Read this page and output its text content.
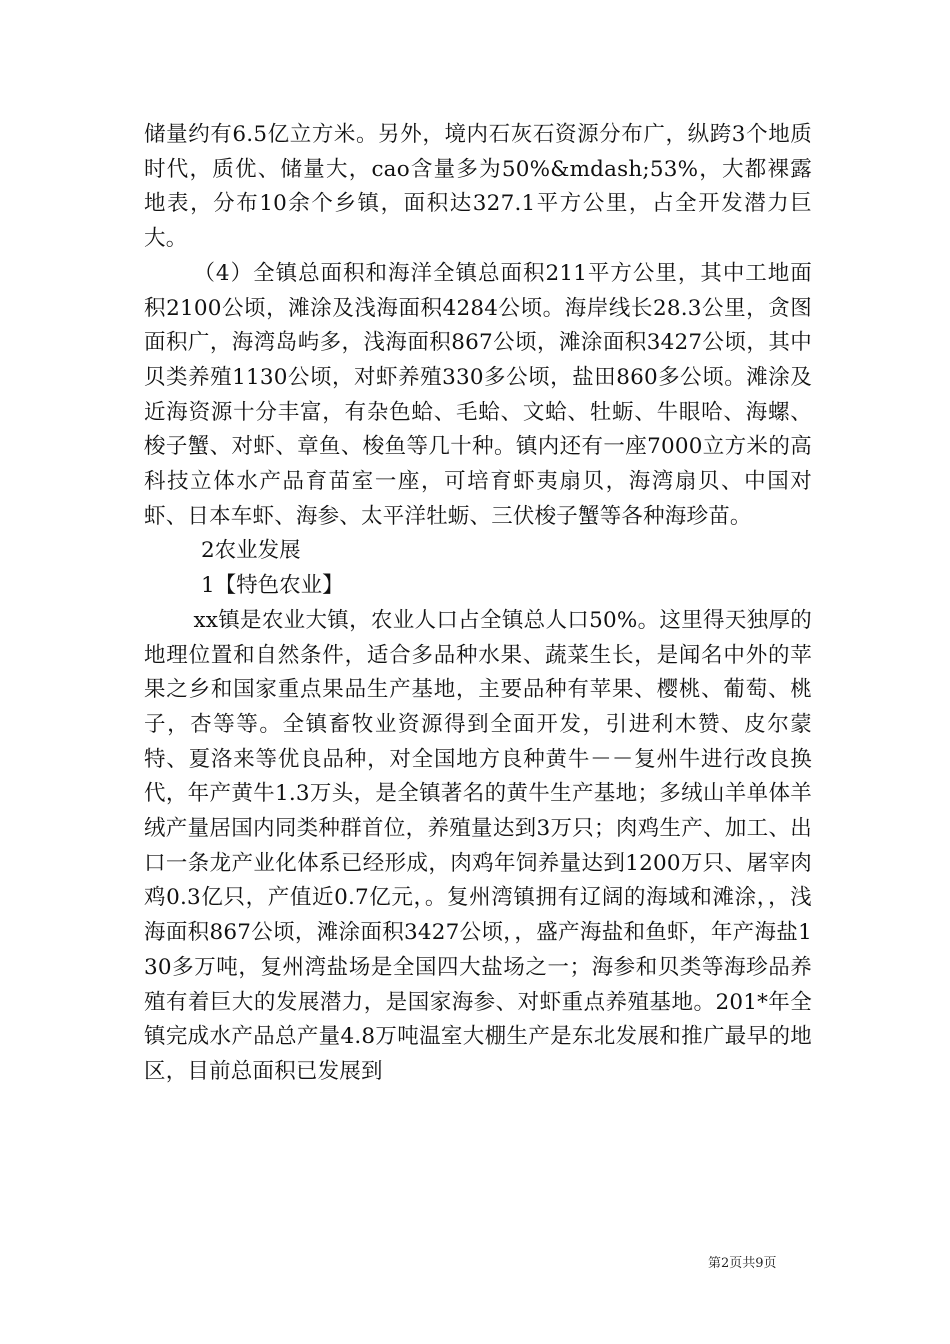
储量约有6.5亿立方米。另外，境内石灰石资源分布广，纵跨3个地质时代，质优、储量大，cao含量多为50%&mdash;53%，大都裸露地表，分布10余个乡镇，面积达327.1平方公里，占全开发潜力巨大。

（4）全镇总面积和海洋全镇总面积211平方公里，其中工地面积2100公顷，滩涂及浅海面积4284公顷。海岸线长28.3公里，贪图面积广，海湾岛屿多，浅海面积867公顷，滩涂面积3427公顷，其中贝类养殖1130公顷，对虾养殖330多公顷，盐田860多公顷。滩涂及近海资源十分丰富，有杂色蛤、毛蛤、文蛤、牡蛎、牛眼哈、海螺、梭子蟹、对虾、章鱼、梭鱼等几十种。镇内还有一座7000立方米的高科技立体水产品育苗室一座，可培育虾夷扇贝，海湾扇贝、中国对虾、日本车虾、海参、太平洋牡蛎、三伏梭子蟹等各种海珍苗。

2农业发展

1【特色农业】

xx镇是农业大镇，农业人口占全镇总人口50%。这里得天独厚的地理位置和自然条件，适合多品种水果、蔬菜生长，是闻名中外的苹果之乡和国家重点果品生产基地，主要品种有苹果、樱桃、葡萄、桃子，杏等等。全镇畜牧业资源得到全面开发，引进利木赞、皮尔蒙特、夏洛来等优良品种，对全国地方良种黄牛－－复州牛进行改良换代，年产黄牛1.3万头，是全镇著名的黄牛生产基地；多绒山羊单体羊绒产量居国内同类种群首位，养殖量达到3万只；肉鸡生产、加工、出口一条龙产业化体系已经形成，肉鸡年饲养量达到1200万只、屠宰肉鸡0.3亿只，产值近0.7亿元，。复州湾镇拥有辽阔的海域和滩涂，，浅海面积867公顷，滩涂面积3427公顷，，盛产海盐和鱼虾，年产海盐130多万吨，复州湾盐场是全国四大盐场之一；海参和贝类等海珍品养殖有着巨大的发展潜力，是国家海参、对虾重点养殖基地。201*年全镇完成水产品总产量4.8万吨温室大棚生产是东北发展和推广最早的地区，目前总面积已发展到

第2页共9页
